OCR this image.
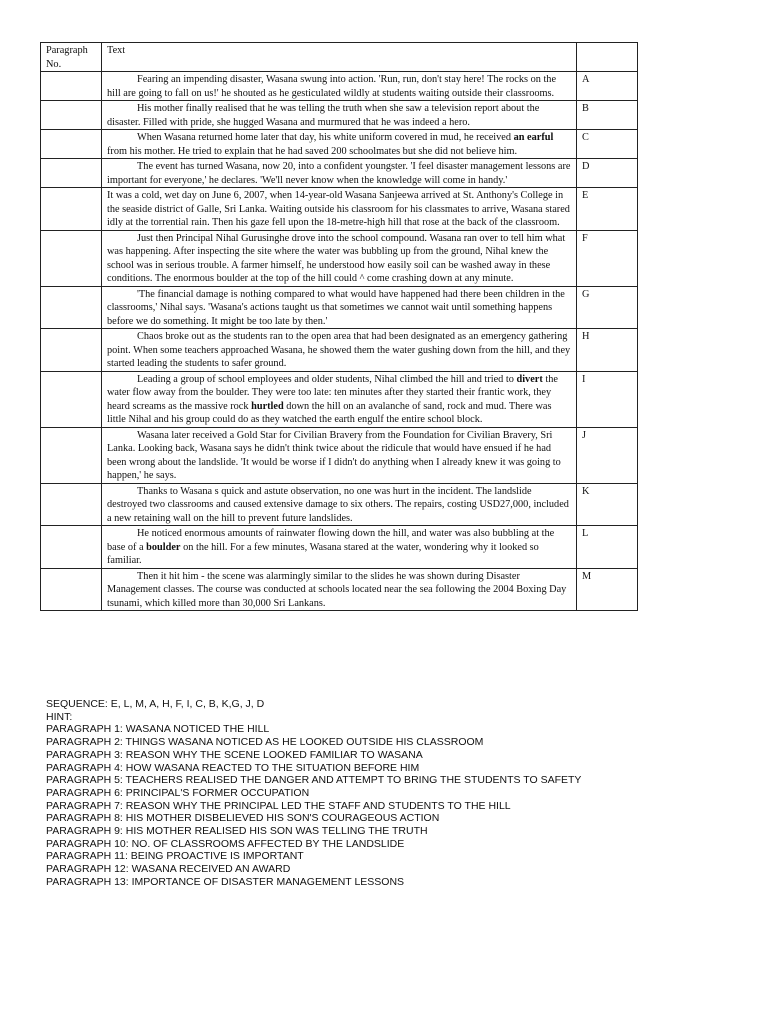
Paragraph No.	Text	

	Fearing an impending disaster, Wasana swung into action. 'Run, run, don't stay here! The rocks on the hill are going to fall on us!' he shouted as he gesticulated wildly at students waiting outside their classrooms.	A

	His mother finally realised that he was telling the truth when she saw a television report about the disaster. Filled with pride, she hugged Wasana and murmured that he was indeed a hero.	B

	When Wasana returned home later that day, his white uniform covered in mud, he received an earful from his mother. He tried to explain that he had saved 200 schoolmates but she did not believe him.	C

	The event has turned Wasana, now 20, into a confident youngster. 'I feel disaster management lessons are important for everyone,' he declares. 'We'll never know when the knowledge will come in handy.'	D

	It was a cold, wet day on June 6, 2007, when 14-year-old Wasana Sanjeewa arrived at St. Anthony's College in the seaside district of Galle, Sri Lanka. Waiting outside his classroom for his classmates to arrive, Wasana stared idly at the torrential rain. Then his gaze fell upon the 18-metre-high hill that rose at the back of the classroom.	E

	Just then Principal Nihal Gurusinghe drove into the school compound. Wasana ran over to tell him what was happening. After inspecting the site where the water was bubbling up from the ground, Nihal knew the school was in serious trouble. A farmer himself, he understood how easily soil can be washed away in these conditions. The enormous boulder at the top of the hill could ^ come crashing down at any minute.	F

	'The financial damage is nothing compared to what would have happened had there been children in the classrooms,' Nihal says. 'Wasana's actions taught us that sometimes we cannot wait until something happens before we do something. It might be too late by then.'	G

	Chaos broke out as the students ran to the open area that had been designated as an emergency gathering point. When some teachers approached Wasana, he showed them the water gushing down from the hill, and they started leading the students to safer ground.	H

	Leading a group of school employees and older students, Nihal climbed the hill and tried to divert the water flow away from the boulder. They were too late: ten minutes after they started their frantic work, they heard screams as the massive rock hurtled down the hill on an avalanche of sand, rock and mud. There was little Nihal and his group could do as they watched the earth engulf the entire school block.	I

	Wasana later received a Gold Star for Civilian Bravery from the Foundation for Civilian Bravery, Sri Lanka. Looking back, Wasana says he didn't think twice about the ridicule that would have ensued if he had been wrong about the landslide. 'It would be worse if I didn't do anything when I already knew it was going to happen,' he says.	J

	Thanks to Wasana s quick and astute observation, no one was hurt in the incident. The landslide destroyed two classrooms and caused extensive damage to six others. The repairs, costing USD27,000, included a new retaining wall on the hill to prevent future landslides.	K

	He noticed enormous amounts of rainwater flowing down the hill, and water was also bubbling at the base of a boulder on the hill. For a few minutes, Wasana stared at the water, wondering why it looked so familiar.	L

	Then it hit him - the scene was alarmingly similar to the slides he was shown during Disaster Management classes. The course was conducted at schools located near the sea following the 2004 Boxing Day tsunami, which killed more than 30,000 Sri Lankans.	M
SEQUENCE: E, L, M, A, H, F, I, C, B, K,G, J, D
HINT:
PARAGRAPH 1: WASANA NOTICED THE HILL
PARAGRAPH 2: THINGS WASANA NOTICED AS HE LOOKED OUTSIDE HIS CLASSROOM
PARAGRAPH 3: REASON WHY THE SCENE LOOKED FAMILIAR TO WASANA
PARAGRAPH 4: HOW WASANA REACTED TO THE SITUATION BEFORE HIM
PARAGRAPH 5: TEACHERS REALISED THE DANGER AND ATTEMPT TO BRING THE STUDENTS TO SAFETY
PARAGRAPH 6: PRINCIPAL'S FORMER OCCUPATION
PARAGRAPH 7: REASON WHY THE PRINCIPAL LED THE STAFF AND STUDENTS TO THE HILL
PARAGRAPH 8: HIS MOTHER DISBELIEVED HIS SON'S COURAGEOUS ACTION
PARAGRAPH 9: HIS MOTHER REALISED HIS SON WAS TELLING THE TRUTH
PARAGRAPH 10: NO. OF CLASSROOMS AFFECTED BY THE LANDSLIDE
PARAGRAPH 11: BEING PROACTIVE IS IMPORTANT
PARAGRAPH 12: WASANA RECEIVED AN AWARD
PARAGRAPH 13: IMPORTANCE OF DISASTER MANAGEMENT LESSONS
